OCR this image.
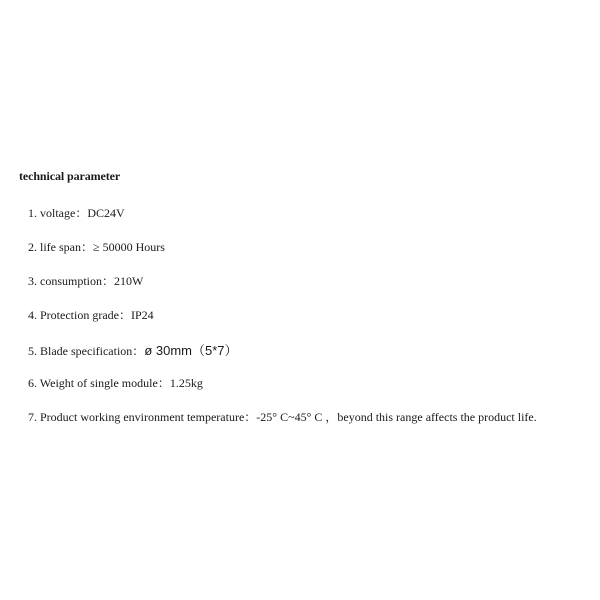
technical parameter
1. voltage：DC24V
2. life span：≥ 50000 Hours
3. consumption：210W
4. Protection grade：IP24
5. Blade specification：ø 30mm（5*7）
6. Weight of single module：1.25kg
7. Product working environment temperature：-25° C~45° C ，beyond this range affects the product life.
